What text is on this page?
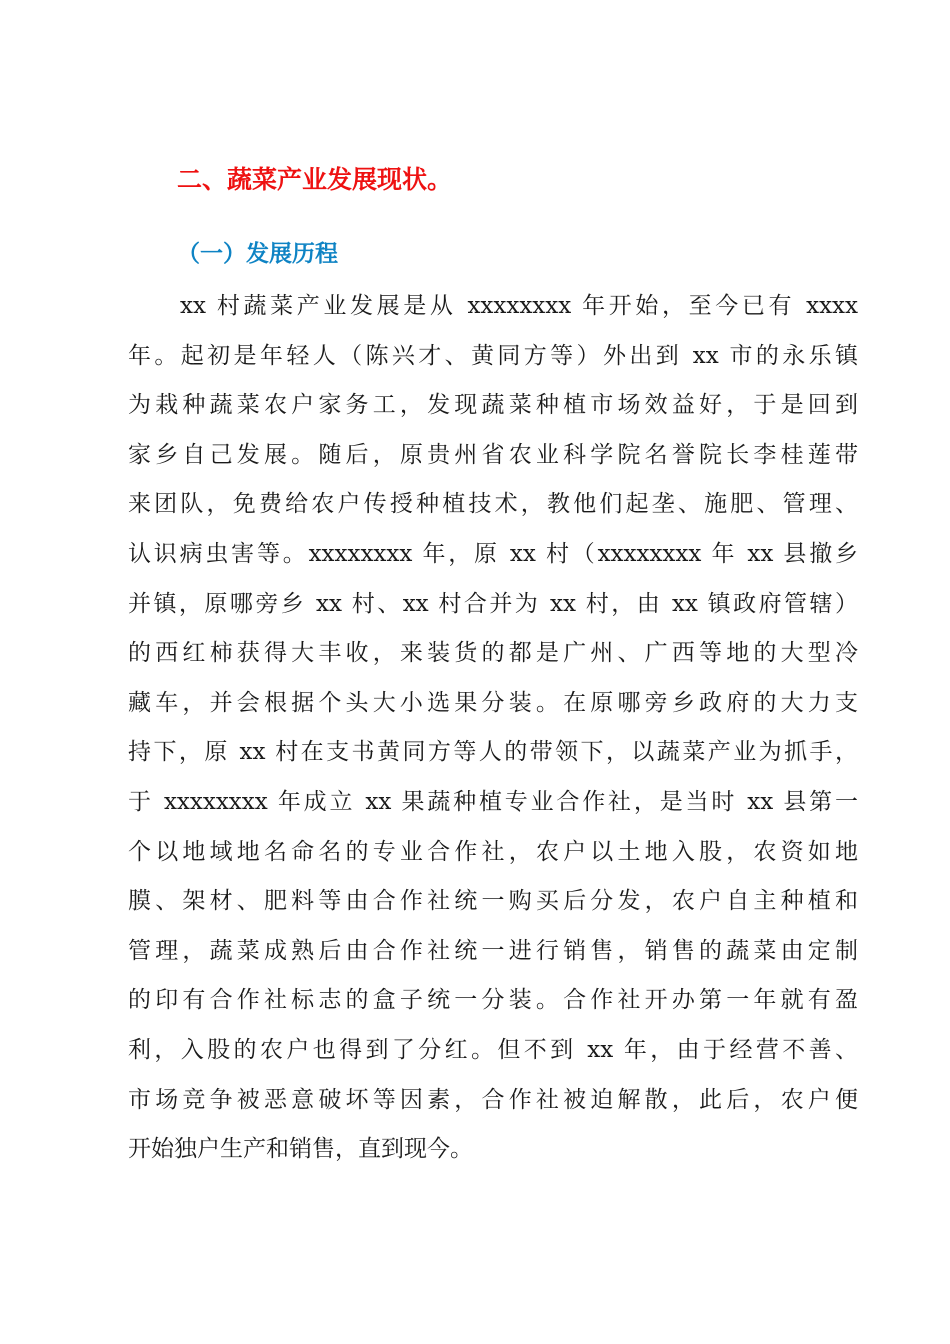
二、蔬菜产业发展现状。
（一）发展历程
xx 村蔬菜产业发展是从 xxxxxxxx 年开始，至今已有 xxxx
年。起初是年轻人（陈兴才、黄同方等）外出到 xx 市的永乐镇
为栽种蔬菜农户家务工，发现蔬菜种植市场效益好，于是回到
家乡自己发展。随后，原贵州省农业科学院名誉院长李桂莲带
来团队，免费给农户传授种植技术，教他们起垄、施肥、管理、
认识病虫害等。xxxxxxxx 年，原 xx 村（xxxxxxxx 年 xx 县撤乡
并镇，原哪旁乡 xx 村、xx 村合并为 xx 村，由 xx 镇政府管辖）
的西红柿获得大丰收，来装货的都是广州、广西等地的大型冷
藏车，并会根据个头大小选果分装。在原哪旁乡政府的大力支
持下，原 xx 村在支书黄同方等人的带领下，以蔬菜产业为抓手，
于 xxxxxxxx 年成立 xx 果蔬种植专业合作社，是当时 xx 县第一
个以地域地名命名的专业合作社，农户以土地入股，农资如地
膜、架材、肥料等由合作社统一购买后分发，农户自主种植和
管理，蔬菜成熟后由合作社统一进行销售，销售的蔬菜由定制
的印有合作社标志的盒子统一分装。合作社开办第一年就有盈
利，入股的农户也得到了分红。但不到 xx 年，由于经营不善、
市场竞争被恶意破坏等因素，合作社被迫解散，此后，农户便
开始独户生产和销售，直到现今。
